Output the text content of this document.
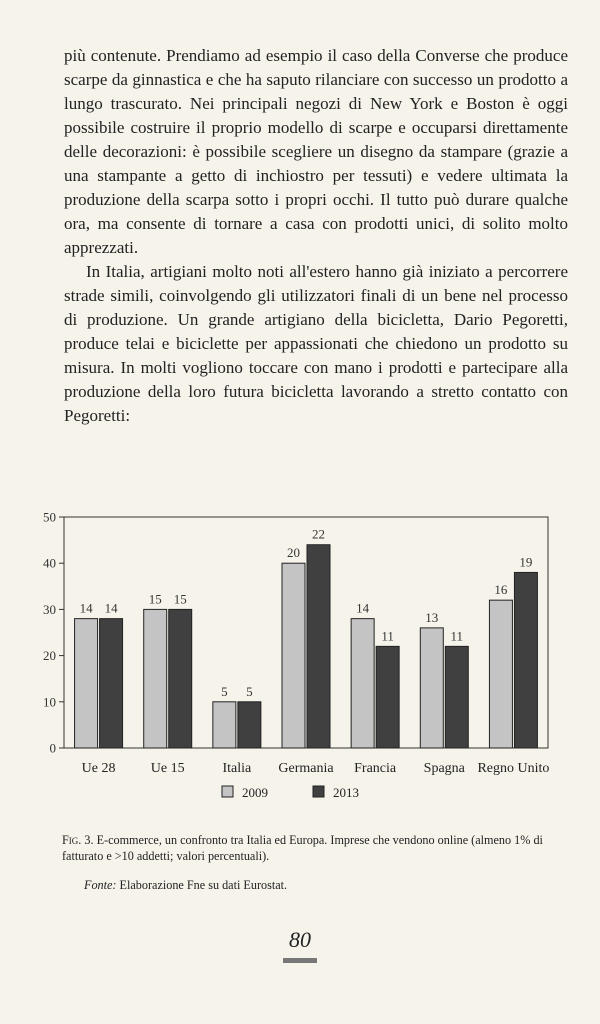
più contenute. Prendiamo ad esempio il caso della Converse che produce scarpe da ginnastica e che ha saputo rilanciare con successo un prodotto a lungo trascurato. Nei principali negozi di New York e Boston è oggi possibile costruire il proprio modello di scarpe e occuparsi direttamente delle decorazioni: è possibile scegliere un disegno da stampare (grazie a una stampante a getto di inchiostro per tessuti) e vedere ultimata la produzione della scarpa sotto i propri occhi. Il tutto può durare qualche ora, ma consente di tornare a casa con prodotti unici, di solito molto apprezzati.

In Italia, artigiani molto noti all'estero hanno già iniziato a percorrere strade simili, coinvolgendo gli utilizzatori finali di un bene nel processo di produzione. Un grande artigiano della bicicletta, Dario Pegoretti, produce telai e biciclette per appassionati che chiedono un prodotto su misura. In molti vogliono toccare con mano i prodotti e partecipare alla produzione della loro futura bicicletta lavorando a stretto contatto con Pegoretti:

0
10
20
30
40
50
14 14
Ue 28
15 15
Ue 15
5 5
Italia
20
22
Germania
14
11
Francia
13
11
Spagna
16
19
Regno Unito
2009	2013
Fig. 3. E-commerce, un confronto tra Italia ed Europa. Imprese che vendono online (almeno 1% di fatturato e >10 addetti; valori percentuali).
Fonte: Elaborazione Fne su dati Eurostat.
80
